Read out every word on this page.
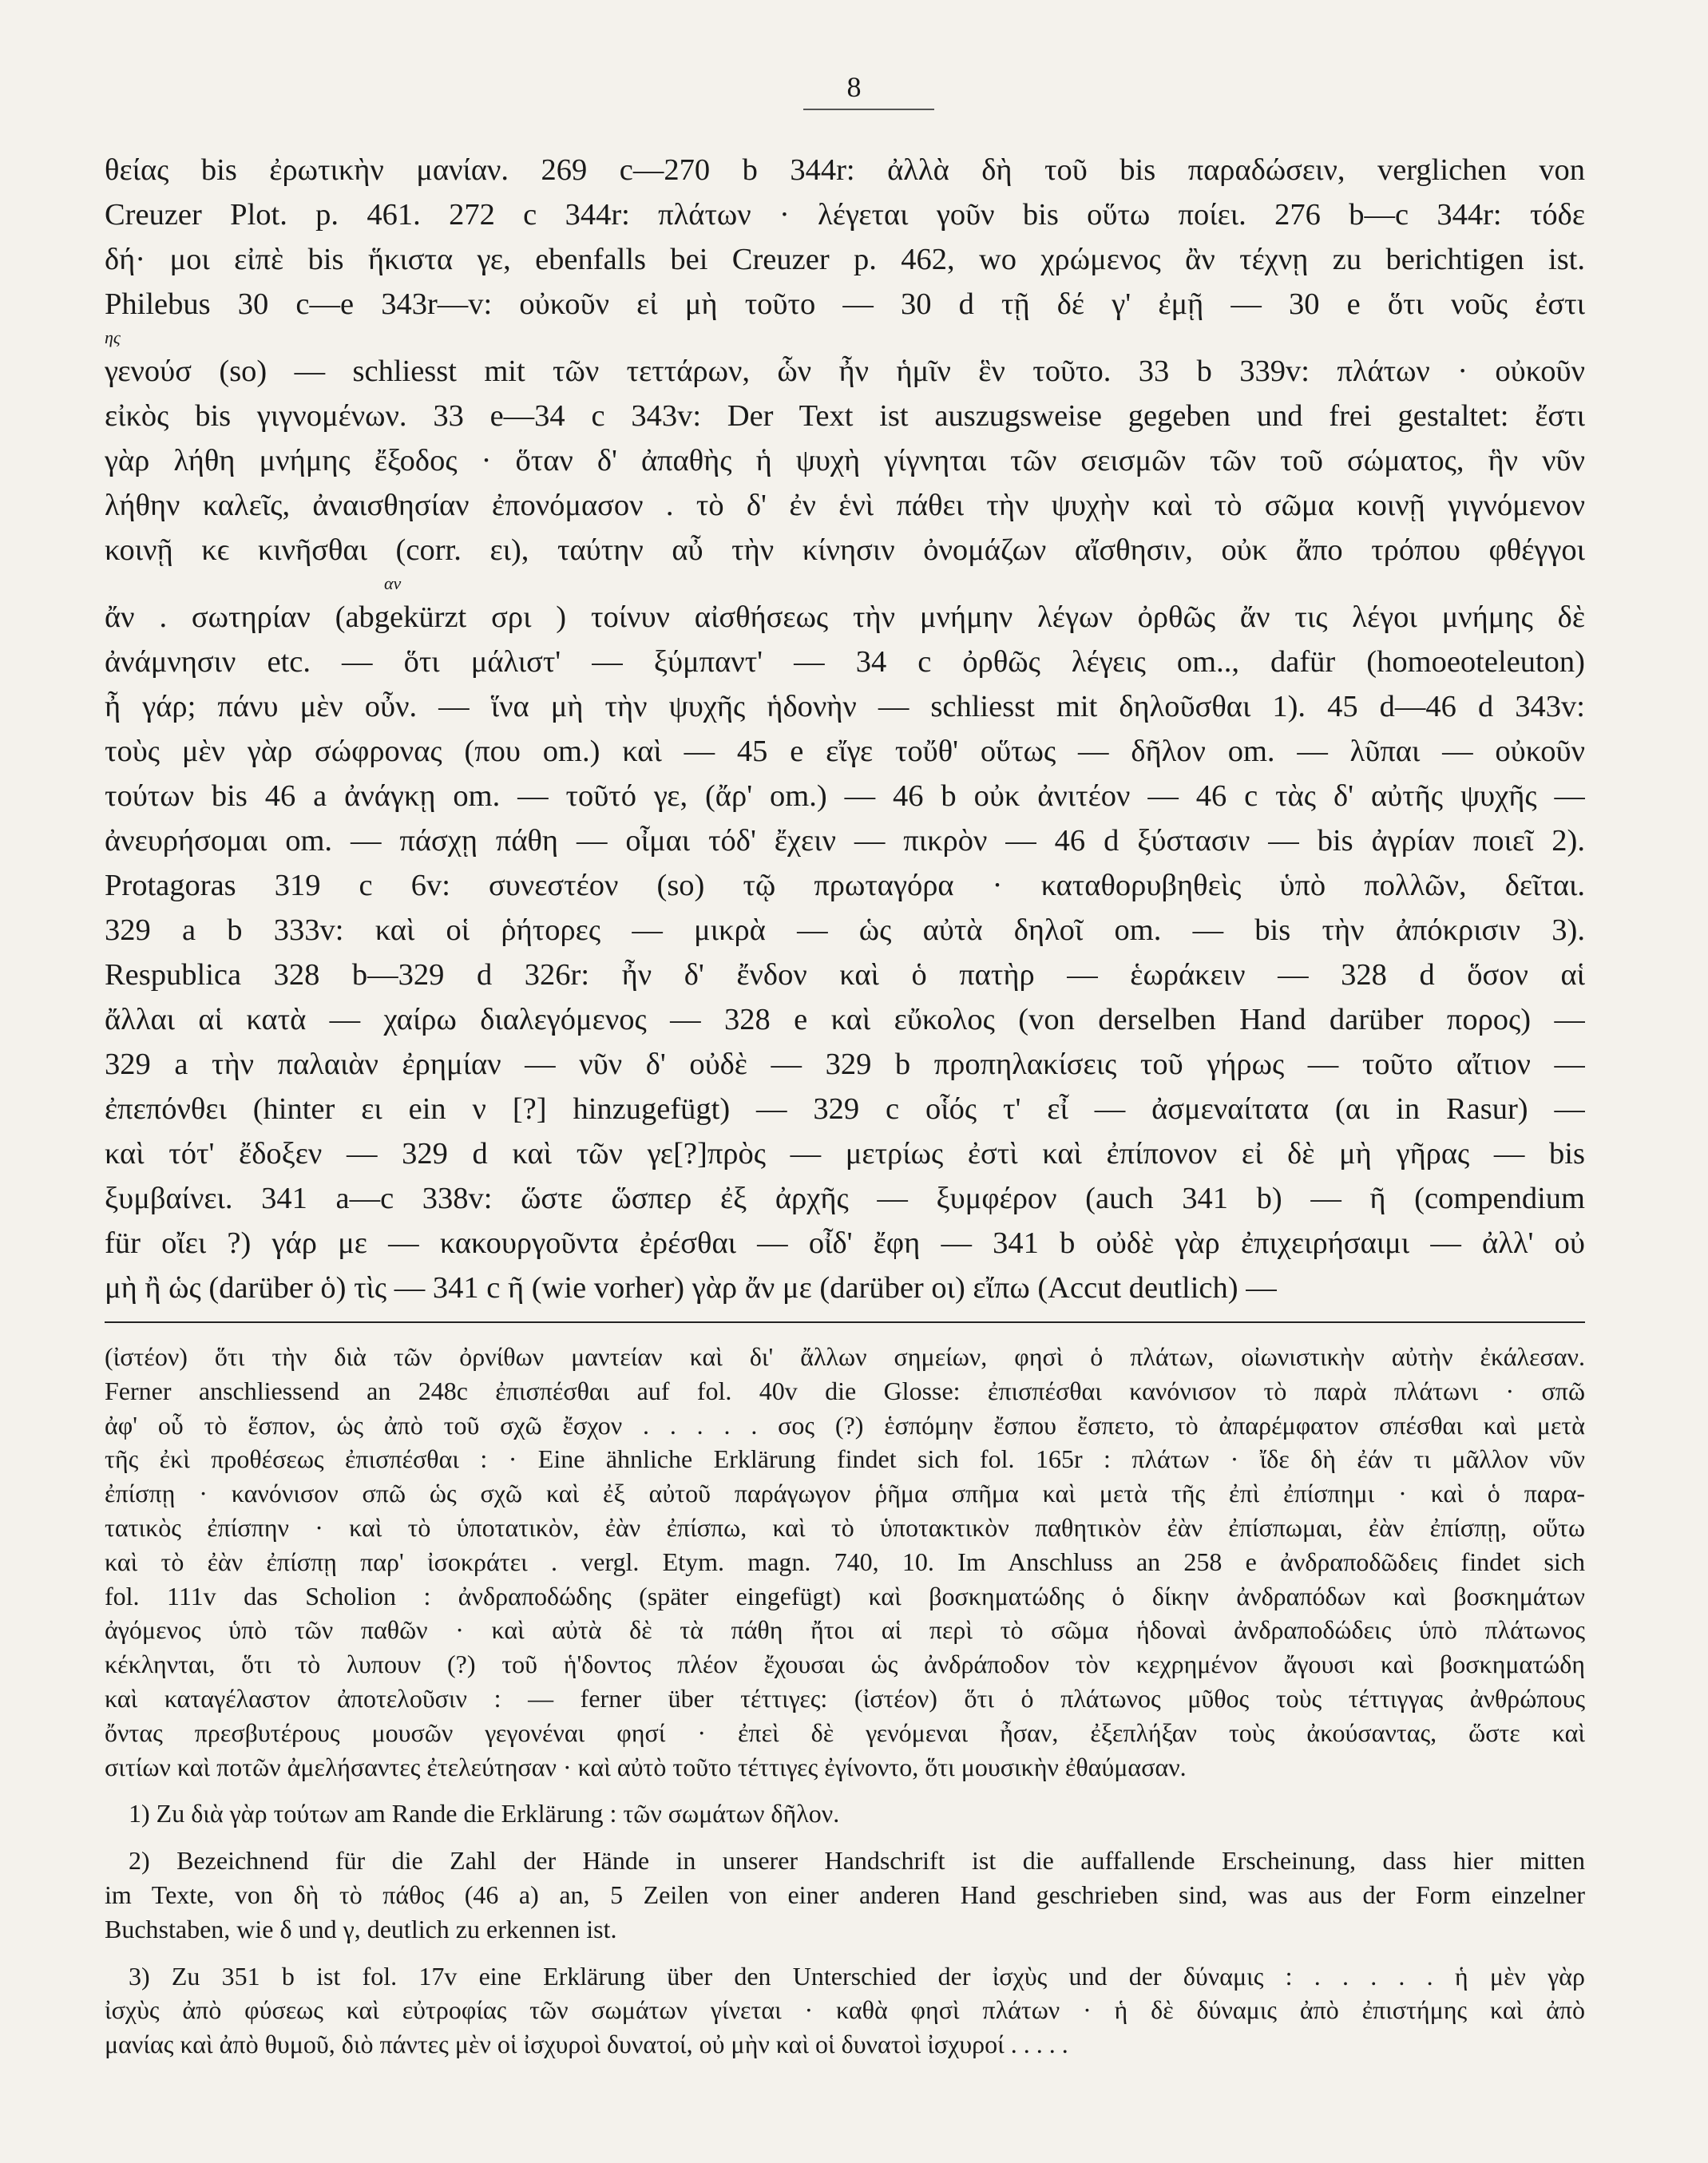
8
θείας bis ἐρωτικὴν μανίαν. 269 c—270 b 344r: ἀλλὰ δὴ τοῦ bis παραδώσειν, verglichen von
Creuzer Plot. p. 461. 272 c 344r: πλάτων · λέγεται γοῦν bis οὕτω ποίει. 276 b—c 344r: τόδε
δή· μοι εἰπὲ bis ἥκιστα γε, ebenfalls bei Creuzer p. 462, wo χρώμενος ἂν τέχνῃ zu berichtigen ist.
Philebus 30 c—e 343r—v: οὐκοῦν εἰ μὴ τοῦτο — 30 d τῇ δέ γ' ἐμῇ — 30 e ὅτι νοῦς ἐστι
ης
γενούσ (so) — schliesst mit τῶν τεττάρων, ὧν ἦν ἡμῖν ἓν τοῦτο. 33 b 339v: πλάτων · οὐκοῦν
εἰκὸς bis γιγνομένων. 33 e—34 c 343v: Der Text ist auszugsweise gegeben und frei gestaltet: ἔστι
γὰρ λήθη μνήμης ἔξοδος · ὅταν δ' ἀπαθὴς ἡ ψυχὴ γίγνηται τῶν σεισμῶν τῶν τοῦ σώματος, ἣν νῦν
λήθην καλεῖς, ἀναισθησίαν ἐπονόμασον . τὸ δ' ἐν ἑνὶ πάθει τὴν ψυχὴν καὶ τὸ σῶμα κοινῇ γιγνόμενον
κοινῇ κϵ κινῆσθαι (corr. ει), ταύτην αὖ τὴν κίνησιν ὀνομάζων αἴσθησιν, οὐκ ἄπο τρόπου φθέγγοι
αν
ἄν . σωτηρίαν (abgekürzt σρι ) τοίνυν αἰσθήσεως τὴν μνήμην λέγων ὀρθῶς ἄν τις λέγοι μνήμης δὲ
ἀνάμνησιν etc. — ὅτι μάλιστ' — ξύμπαντ' — 34 c ὀρθῶς λέγεις om.., dafür (homoeoteleuton)
ἦ γάρ; πάνυ μὲν οὖν. — ἵνα μὴ τὴν ψυχῆς ἡδονὴν — schliesst mit δηλοῦσθαι 1). 45 d—46 d 343v:
τοὺς μὲν γὰρ σώφρονας (που om.) καὶ — 45 e εἴγε τοὔθ' οὕτως — δῆλον om. — λῦπαι — οὐκοῦν
τούτων bis 46 a ἀνάγκῃ om. — τοῦτό γε, (ἄρ' om.) — 46 b οὐκ ἀνιτέον — 46 c τὰς δ' αὐτῆς ψυχῆς —
ἀνευρήσομαι om. — πάσχῃ πάθη — οἶμαι τόδ' ἔχειν — πικρὸν — 46 d ξύστασιν — bis ἀγρίαν ποιεῖ 2).
Protagoras 319 c 6v: συνεστέον (so) τῷ πρωταγόρα · καταθορυβηθεὶς ὑπὸ πολλῶν, δεῖται.
329 a b 333v: καὶ οἱ ῥήτορες — μικρὰ — ὡς αὐτὰ δηλοῖ om. — bis τὴν ἀπόκρισιν 3).
Respublica 328 b—329 d 326r: ἦν δ' ἔνδον καὶ ὁ πατὴρ — ἑωράκειν — 328 d ὅσον αἱ
ἄλλαι αἱ κατὰ — χαίρω διαλεγόμενος — 328 e καὶ εὔκολος (von derselben Hand darüber πορος) —
329 a τὴν παλαιὰν ἐρημίαν — νῦν δ' οὐδὲ — 329 b προπηλακίσεις τοῦ γήρως — τοῦτο αἴτιον —
ἐπεπόνθει (hinter ει ein ν [?] hinzugefügt) — 329 c οἷός τ' εἶ — ἀσμεναίτατα (αι in Rasur) —
καὶ τότ' ἔδοξεν — 329 d καὶ τῶν γε[?]πρὸς — μετρίως ἐστὶ καὶ ἐπίπονον εἰ δὲ μὴ γῆρας — bis
ξυμβαίνει. 341 a—c 338v: ὥστε ὥσπερ ἐξ ἀρχῆς — ξυμφέρον (auch 341 b) — ῆ (compendium
für οἴει ?) γάρ με — κακουργοῦντα ἐρέσθαι — οἶδ' ἔφη — 341 b οὐδὲ γὰρ ἐπιχειρήσαιμι — ἀλλ' οὐ
μὴ ἢ ὡς (darüber ὁ) τὶς — 341 c ῆ (wie vorher) γὰρ ἄν με (darüber οι) εἴπω (Accut deutlich) —
(ἰστέον) ὅτι τὴν διὰ τῶν ὀρνίθων μαντείαν καὶ δι' ἄλλων σημείων, φησὶ ὁ πλάτων, οἰωνιστικὴν αὐτὴν ἐκάλεσαν.
Ferner anschliessend an 248c ἐπισπέσθαι auf fol. 40v die Glosse: ἐπισπέσθαι κανόνισον τὸ παρὰ πλάτωνι · σπῶ
ἀφ' οὗ τὸ ἕσπον, ὡς ἀπὸ τοῦ σχῶ ἔσχον . . . . . σος (?) ἑσπόμην ἔσπου ἔσπετο, τὸ ἀπαρέμφατον σπέσθαι καὶ μετὰ
τῆς ἐκὶ προθέσεως ἐπισπέσθαι : · Eine ähnliche Erklärung findet sich fol. 165r : πλάτων · ἴδε δὴ ἐάν τι μᾶλλον νῦν
ἐπίσπῃ · κανόνισον σπῶ ὡς σχῶ καὶ ἐξ αὐτοῦ παράγωγον ῥῆμα σπῆμα καὶ μετὰ τῆς ἐπὶ ἐπίσπημι · καὶ ὁ παρα-
τατικὸς ἐπίσπην · καὶ τὸ ὑποτατικὸν, ἐὰν ἐπίσπω, καὶ τὸ ὑποτακτικὸν παθητικὸν ἐὰν ἐπίσπωμαι, ἐὰν ἐπίσπῃ, οὕτω
καὶ τὸ ἐὰν ἐπίσπῃ παρ' ἰσοκράτει . vergl. Etym. magn. 740, 10. Im Anschluss an 258 e ἀνδραποδῶδεις findet sich
fol. 111v das Scholion : ἀνδραποδώδης (später eingefügt) καὶ βοσκηματώδης ὁ δίκην ἀνδραπόδων καὶ βοσκημάτων
ἀγόμενος ὑπὸ τῶν παθῶν · καὶ αὐτὰ δὲ τὰ πάθη ἤτοι αἱ περὶ τὸ σῶμα ἡδοναὶ ἀνδραποδώδεις ὑπὸ πλάτωνος
κέκληνται, ὅτι τὸ λυπουν (?) τοῦ ἡ'δοντος πλέον ἔχουσαι ὡς ἀνδράποδον τὸν κεχρημένον ἄγουσι καὶ βοσκηματώδη
καὶ καταγέλαστον ἀποτελοῦσιν : — ferner über τέττιγες: (ἰστέον) ὅτι ὁ πλάτωνος μῦθος τοὺς τέττιγγας ἀνθρώπους
ὄντας πρεσβυτέρους μουσῶν γεγονέναι φησί · ἐπεὶ δὲ γενόμεναι ἦσαν, ἐξεπλήξαν τοὺς ἀκούσαντας, ὥστε καὶ
σιτίων καὶ ποτῶν ἀμελήσαντες ἐτελεύτησαν · καὶ αὐτὸ τοῦτο τέττιγες ἐγίνοντο, ὅτι μουσικὴν ἐθαύμασαν.
1) Zu διὰ γὰρ τούτων am Rande die Erklärung : τῶν σωμάτων δῆλον.
2) Bezeichnend für die Zahl der Hände in unserer Handschrift ist die auffallende Erscheinung, dass hier mitten
im Texte, von δὴ τὸ πάθος (46 a) an, 5 Zeilen von einer anderen Hand geschrieben sind, was aus der Form einzelner
Buchstaben, wie δ und γ, deutlich zu erkennen ist.
3) Zu 351 b ist fol. 17v eine Erklärung über den Unterschied der ἰσχὺς und der δύναμις : . . . . . ἡ μὲν γὰρ
ἰσχὺς ἀπὸ φύσεως καὶ εὐτροφίας τῶν σωμάτων γίνεται · καθὰ φησὶ πλάτων · ἡ δὲ δύναμις ἀπὸ ἐπιστήμης καὶ ἀπὸ
μανίας καὶ ἀπὸ θυμοῦ, διὸ πάντες μὲν οἱ ἰσχυροὶ δυνατοί, οὐ μὴν καὶ οἱ δυνατοὶ ἰσχυροί . . . . .
